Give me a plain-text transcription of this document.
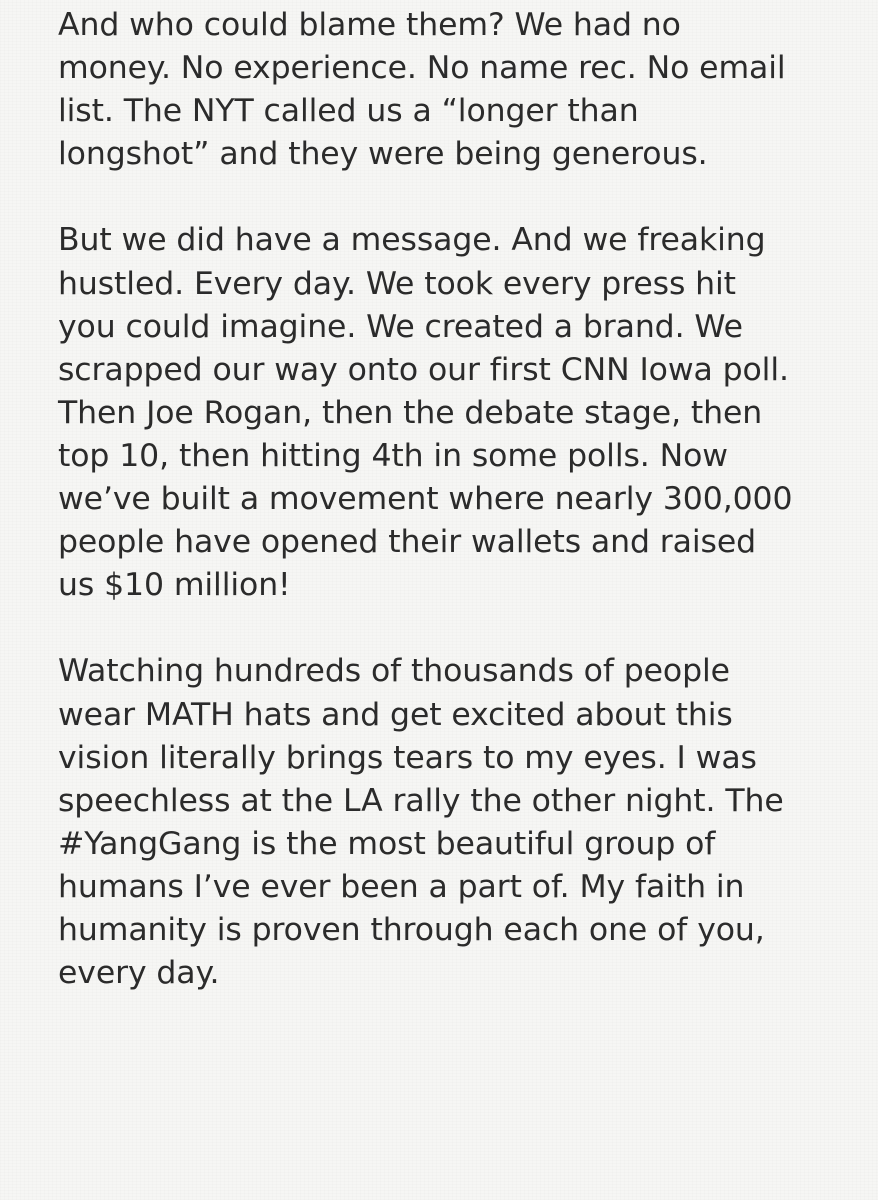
And who could blame them? We had no
money. No experience. No name rec. No email
list. The NYT called us a “longer than
longshot” and they were being generous.

But we did have a message. And we freaking
hustled. Every day. We took every press hit
you could imagine. We created a brand. We
scrapped our way onto our first CNN Iowa poll.
Then Joe Rogan, then the debate stage, then
top 10, then hitting 4th in some polls. Now
we’ve built a movement where nearly 300,000
people have opened their wallets and raised
us $10 million!

Watching hundreds of thousands of people
wear MATH hats and get excited about this
vision literally brings tears to my eyes. I was
speechless at the LA rally the other night. The
#YangGang is the most beautiful group of
humans I’ve ever been a part of. My faith in
humanity is proven through each one of you,
every day.
